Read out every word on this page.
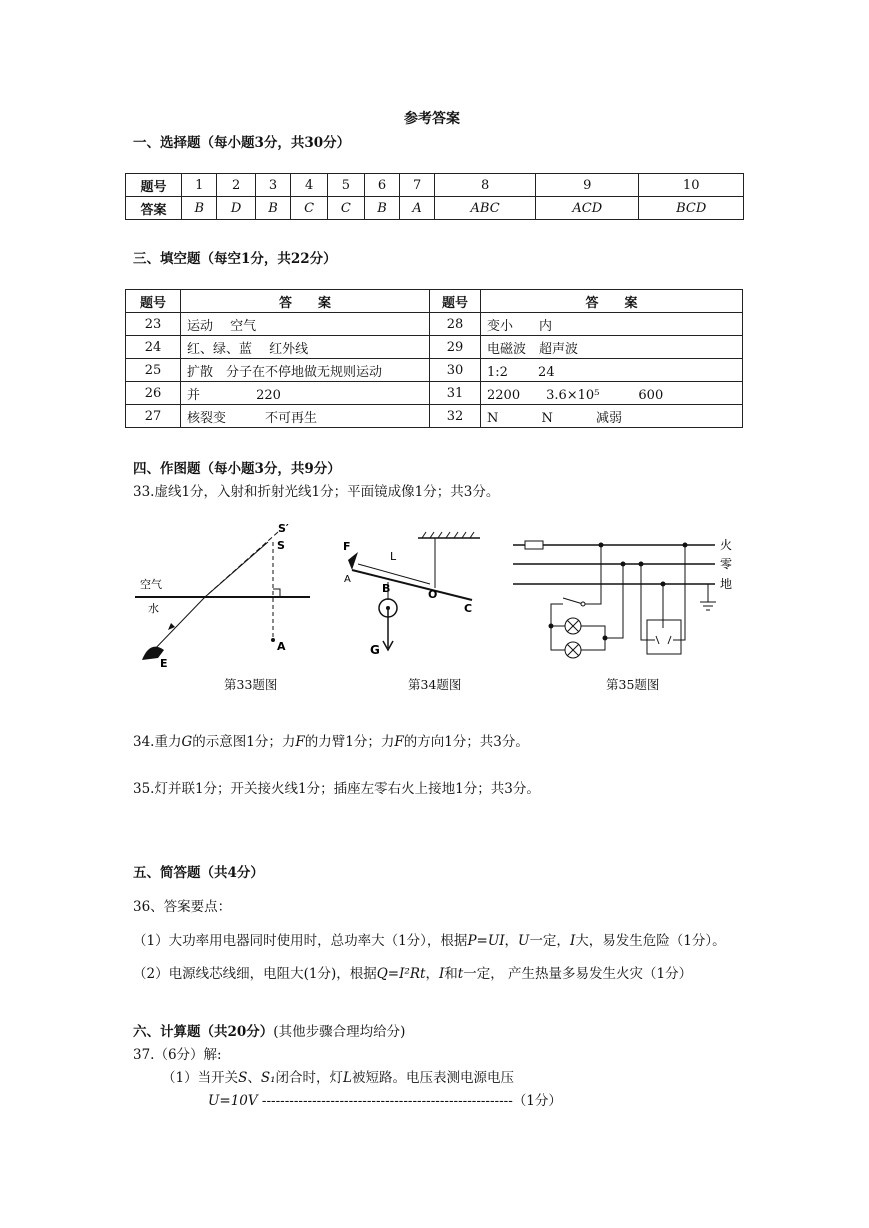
参考答案
一、选择题（每小题3分，共30分）
题号	1	2	3	4	5	6	7	8	9	10
答案	B	D	B	C	C	B	A	ABC	ACD	BCD
三、填空题（每空1分，共22分）
题号	答　　案	题号	答　　案
23	运动　 空气	28	变小　　内
24	红、绿、蓝　 红外线	29	电磁波　超声波
25	扩散　分子在不停地做无规则运动	30	1:2　　 24
26	并　　　　 220	31	2200　　3.6×10⁵　　　600
27	核裂变　　　不可再生	32	N　　　 N　　　 减弱
四、作图题（每小题3分，共9分）
33.虚线1分，入射和折射光线1分；平面镜成像1分；共3分。
空气
水
S′
S
A
E
第33题图
F
L
A
B	O
C
G
第34题图
火
零
地
第35题图
34.重力G的示意图1分；力F的力臂1分；力F的方向1分；共3分。
35.灯并联1分；开关接火线1分；插座左零右火上接地1分；共3分。
五、简答题（共4分）
36、答案要点：
（1）大功率用电器同时使用时，总功率大（1分），根据P=UI，U一定，I大，易发生危险（1分）。
（2）电源线芯线细，电阻大(1分)，根据Q=I²Rt，I和t一定， 产生热量多易发生火灾（1分）
六、计算题（共20分）(其他步骤合理均给分)
37.（6分）解:
（1）当开关S、S₁闭合时，灯L被短路。电压表测电源电压
U=10V -------------------------------------------------------（1分）
